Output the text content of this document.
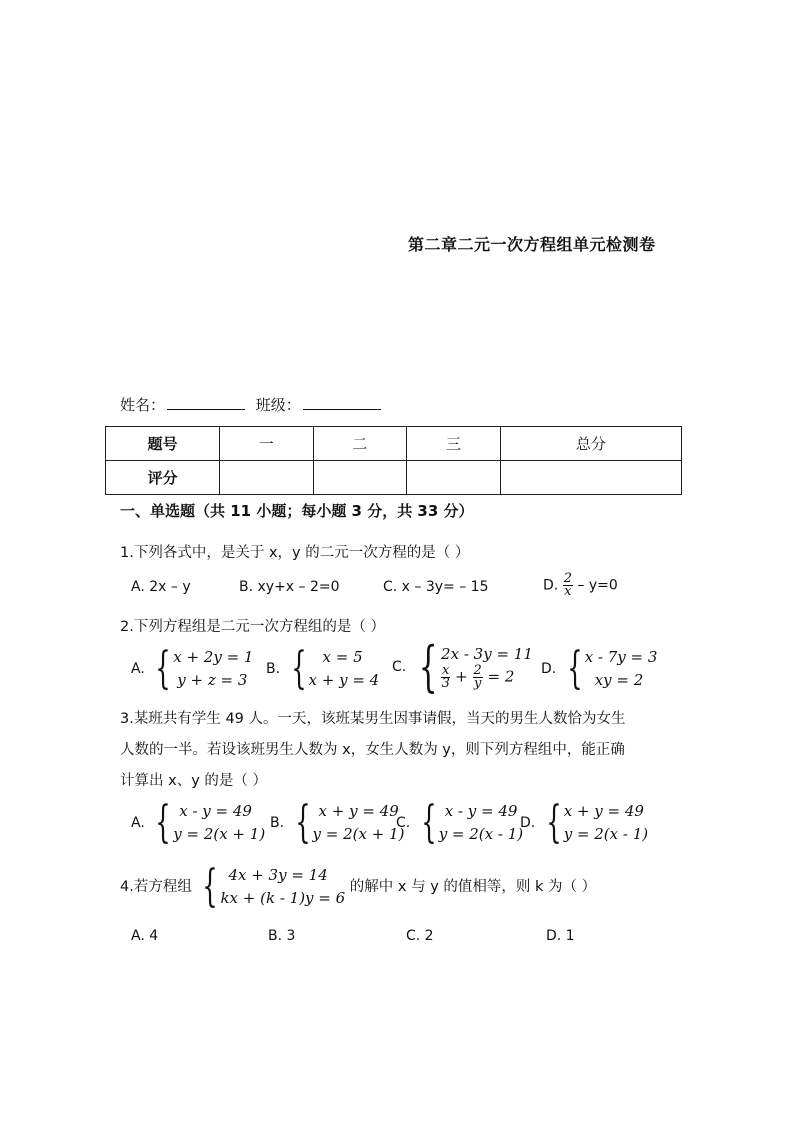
第二章二元一次方程组单元检测卷
姓名：	班级：
题号	一	二	三	总分
评分				
一、单选题（共 11 小题；每小题 3 分，共 33 分）
1.下列各式中，是关于 x，y 的二元一次方程的是（ ）
A. 2x – y	B. xy+x – 2=0	C. x – 3y= – 15	D. $\frac{2}{x} - y=0$
2.下列方程组是二元一次方程组的是（ ）
A. { x + 2y = 1
y + z = 3
B. {	x = 5
x + y = 4
C. { 2x - 3y = 11
$\frac{x}{3} + \frac{2}{y} = 2$	D. { x - 7y = 3
xy = 2
3.某班共有学生 49 人。一天，该班某男生因事请假，当天的男生人数恰为女生
人数的一半。若设该班男生人数为 x，女生人数为 y，则下列方程组中，能正确
计算出 x、y 的是（ ）
A. { x - y = 49
y = 2(x + 1)
B. { x + y = 49
y = 2(x + 1)
C. { x - y = 49
y = 2(x - 1)
D. { x + y = 49
y = 2(x - 1)
4.若方程组 { 4x + 3y = 14
kx + (k - 1)y = 6
的解中 x 与 y 的值相等，则 k 为（ ）
A. 4	B. 3	C. 2	D. 1
